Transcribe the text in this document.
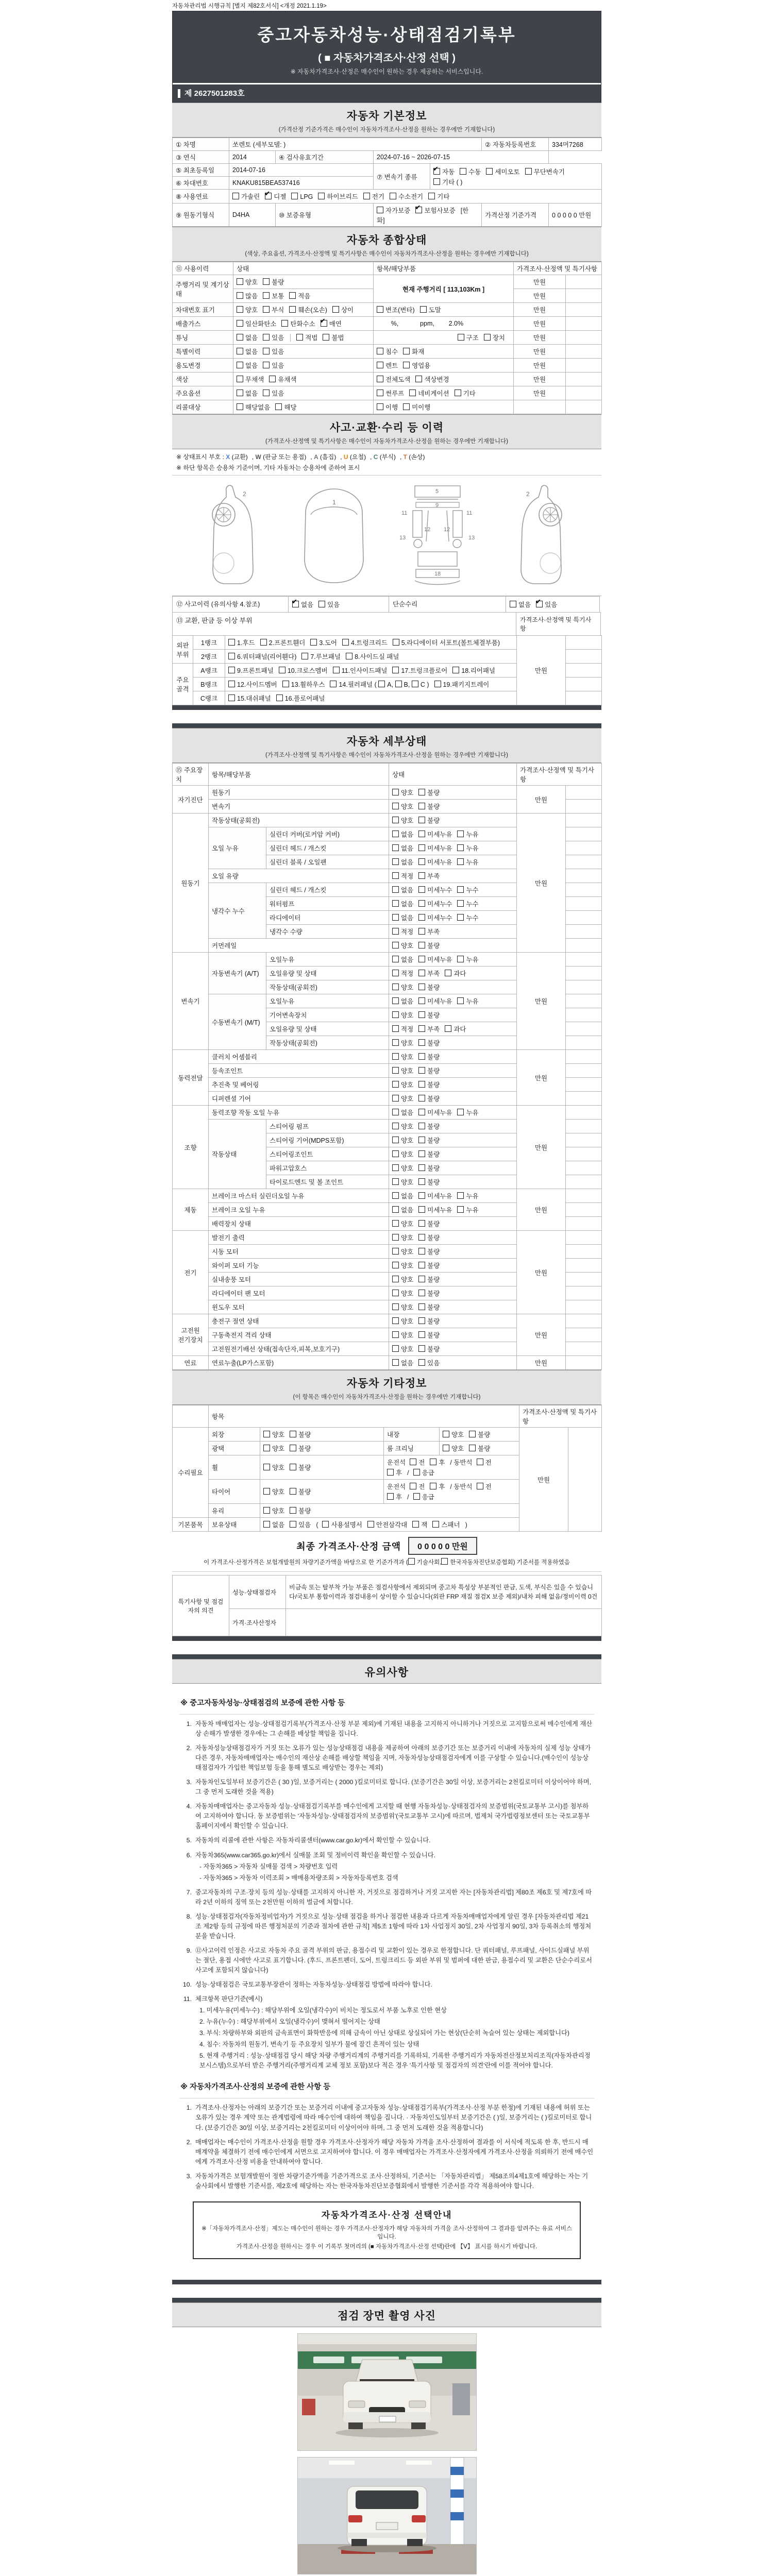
자동차관리법 시행규칙 [별지 제82호서식] <개정 2021.1.19>
중고자동차성능·상태점검기록부
( ■ 자동차가격조사·산정 선택 )
※ 자동차가격조사·산정은 매수인이 원하는 경우 제공하는 서비스입니다.
제 2627501283호
자동차 기본정보
(가격산정 기준가격은 매수인이 자동차가격조사·산정을 원하는 경우에만 기재합니다)
① 차명	쏘렌토 (세부모델: )				② 자동차등록번호	334머7268
③ 연식	2014	④ 검사유효기간	2024-07-16 ~ 2026-07-15			
⑤ 최초등록일	2014-07-16		⑦ 변속기 종류	✔자동 수동 세미오토 무단변속기기타 ( )
⑥ 차대번호	KNAKU815BEA537416					
⑧ 사용연료	가솔린 ✔ 디젤 LPG 하이브리드 전기 수소전기 기타
⑨ 원동기형식	D4HA	⑩ 보증유형	자가보증 ✔ 보험사보증 [한화]		가격산정 기준가격	0 0 0 0 0 만원
자동차 종합상태
(색상, 주요옵션, 가격조사·산정액 및 특기사항은 매수인이 자동차가격조사·산정을 원하는 경우에만 기재합니다)
⑪ 사용이력	상태	항목/해당부품	가격조사·산정액 및 특기사항	
주행거리 및 계기상태	양호 불량	현재 주행거리 [ 113,103Km ]	만원	
	많음 보통 적음		만원	
차대번호 표기	양호 부식 훼손(오손) 상이	변조(변타) 도말	만원	
배출가스	일산화탄소 탄화수소 ✔ 매연	%,            ppm,        2.0%	만원	
튜닝	없음 있음 적법 불법	구조 장치	만원	
특별이력	없음 있음	침수 화재	만원	
용도변경	없음 있음	렌트 영업용	만원	
색상	무채색 유채색	전체도색 색상변경	만원	
주요옵션	없음 있음	썬루프 네비게이션 기타	만원	
리콜대상	해당없음 해당	이행 미이행		
사고·교환·수리 등 이력
(가격조사·산정액 및 특기사항은 매수인이 자동차가격조사·산정을 원하는 경우에만 기재합니다)
※ 상태표시 부호 : X (교환) , W (판금 또는 용접) , A (흠집) , U (요철) , C (부식) , T (손상)
※ 하단 항목은 승용차 기준이며, 기타 자동차는 승용차에 준하여 표시
2
1
11	11
13	13
12 12
5
9
18
2
⑫ 사고이력 (유의사항 4.참조) ✔	없음 있음	단순수리	없음 ✔ 있음
⑬ 교환, 판금 등 이상 부위	가격조사·산정액 및 특기사항
외판
부위	1랭크	1.후드 2.프론트휀더 3.도어 4.트렁크리드 5.라디에이터 서포트(볼트체결부품)	만원	
	2랭크	6.쿼터패널(리어휀다) 7.루브패널 8.사이드실 패널		
주요
골격	A랭크	9.프론트패널 10.크로스멤버 11.인사이드패널 17.트렁크플로어 18.리어패널		
	B랭크	12.사이드멤버 13.휠하우스 14.필러패널 ( A, B, C ) 19.패키지트레이		
	C랭크	15.대쉬패널 16.플로어패널		
자동차 세부상태
(가격조사·산정액 및 특기사항은 매수인이 자동차가격조사·산정을 원하는 경우에만 기재합니다)
⑮ 주요장치	항목/해당부품		상태	가격조사·산정액 및 특기사항	
자기진단	원동기		양호 불량	만원	
	변속기		양호 불량		
원동기	작동상태(공회전)		양호 불량	만원	
	오일 누유	실린더 커버(로커암 커버)	없음 미세누유 누유		
		실린더 헤드 / 개스킷	없음 미세누유 누유		
		실린더 블록 / 오일팬	없음 미세누유 누유		
	오일 유량		적정 부족		
	냉각수 누수	실린더 헤드 / 개스킷	없음 미세누수 누수		
		워터펌프	없음 미세누수 누수		
		라디에이터	없음 미세누수 누수		
		냉각수 수량	적정 부족		
	커먼레일		양호 불량		
변속기	자동변속기 (A/T)	오일누유	없음 미세누유 누유	만원	
		오일유량 및 상태	적정 부족 과다		
		작동상태(공회전)	양호 불량		
	수동변속기 (M/T)	오일누유	없음 미세누유 누유		
		기어변속장치	양호 불량		
		오일유량 및 상태	적정 부족 과다		
		작동상태(공회전)	양호 불량		
동력전달	클러치 어셈블리		양호 불량	만원	
	등속조인트		양호 불량		
	추진축 및 베어링		양호 불량		
	디퍼렌셜 기어		양호 불량		
조향	동력조향 작동 오일 누유		없음 미세누유 누유	만원	
	작동상태	스티어링 펌프	양호 불량		
		스티어링 기어(MDPS포함)	양호 불량		
		스티어링조인트	양호 불량		
		파워고압호스	양호 불량		
		타이로드엔드 및 볼 조인트	양호 불량		
제동	브레이크 마스터 실린더오일 누유		없음 미세누유 누유	만원	
	브레이크 오일 누유		없음 미세누유 누유		
	배력장치 상태		양호 불량		
전기	발전기 출력		양호 불량	만원	
	시동 모터		양호 불량		
	와이퍼 모터 기능		양호 불량		
	실내송풍 모터		양호 불량		
	라디에이터 팬 모터		양호 불량		
	윈도우 모터		양호 불량		
고전원
전기장치	충전구 절연 상태		양호 불량	만원	
	구동축전지 격리 상태		양호 불량		
	고전원전기배선 상태(접속단자,피복,보호기구)		양호 불량		
연료	연료누출(LP가스포함)		없음 있음	만원	
자동차 기타정보
(이 항목은 매수인이 자동차가격조사·산정을 원하는 경우에만 기재합니다)
	항목				가격조사·산정액 및 특기사항	
수리필요	외장	양호 불량	내장	양호 불량	만원	
	광택	양호 불량	룸 크리닝	양호 불량		
	휠	양호 불량	운전석 전 후 / 동반석 전후 / 응급			
	타이어	양호 불량	운전석 전 후 / 동반석 전후 / 응급			
	유리	양호 불량				
기본품목	보유상태	없음 있음 ( 사용설명서 안전삼각대 잭 스패너 )				
최종 가격조사·산정 금액	0 0 0 0 0 만원
이 가격조사·산정가격은 보험개발원의 차량기준가액을 바탕으로 한 기준가격과 ( 기술사회, 한국자동차진단보증협회) 기준서를 적용하였음
특기사항 및 점검자의 의견	성능·상태점검자	비금속 또는 탈부착 가능 부품은 점검사항에서 제외되며 중고차 특성상 부분적인 판금, 도색, 부식은 있을 수 있습니다/국토부 통합이력과 점검내용이 상이할 수 있습니다(외판 FRP 재질 점검X 보증 제외)/내차 피해 없음/정비이력 0건
	가격·조사산정자	
유의사항
※ 중고자동차성능·상태점검의 보증에 관한 사항 등
1. 자동차 매매업자는 성능·상태점검기록부(가격조사·산정 부분 제외)에 기재된 내용을 고지하지 아니하거나 거짓으로 고지함으로써 매수인에게 재산상 손해가 발생한 경우에는 그 손해를 배상할 책임을 집니다.
2. 자동차성능상태점검자가 거짓 또는 오류가 있는 성능상태점검 내용을 제공하여 아래의 보증기간 또는 보증거리 이내에 자동차의 실제 성능 상태가 다른 경우, 자동차매매업자는 매수인의 재산상 손해를 배상할 책임을 지며, 자동차성능상태점검자에게 이를 구상할 수 있습니다.(매수인이 성능상태점검자가 가입한 책임보험 등을 통해 별도로 배상받는 경우는 제외)
3. 자동차인도일부터 보증기간은 ( 30 )일, 보증거리는 ( 2000 )킬로미터로 합니다. (보증기간은 30일 이상, 보증거리는 2천킬로미터 이상이어야 하며, 그 중 먼저 도래한 것을 적용)
4. 자동차매매업자는 중고자동차 성능·상태점검기록부를 매수인에게 고지할 때 현행 자동차성능·상태점검자의 보증범위(국토교통부 고시)를 첨부하여 고지하여야 합니다. 동 보증범위는 '자동차성능·상태점검자의 보증범위'(국토교통부 고시)에 따르며, 법제처 국가법령정보센터 또는 국토교통부 홈페이지에서 확인할 수 있습니다.
5. 자동차의 리콜에 관한 사항은 자동차리콜센터(www.car.go.kr)에서 확인할 수 있습니다.
6. 자동차365(www.car365.go.kr)에서 실매물 조회 및 정비이력 확인을 확인할 수 있습니다.
- 자동차365 > 자동차 실매물 검색 > 차량번호 입력
- 자동차365 > 자동차 이력조회 > 매매용차량조회 > 자동차등록번호 검색
7. 중고자동차의 구조·장치 등의 성능·상태를 고지하지 아니한 자, 거짓으로 점검하거나 거짓 고지한 자는 [자동차관리법] 제80조 제6호 및 제7호에 따라 2년 이하의 징역 또는 2천만원 이하의 벌금에 처합니다.
8. 성능·상태점검자(자동차정비업자)가 거짓으로 성능·상태 점검을 하거나 점검한 내용과 다르게 자동차매매업자에게 알린 경우 [자동차관리법 제21조 제2항 등의 규정에 따른 행정처분의 기준과 절차에 관한 규칙] 제5조 1항에 따라 1차 사업정지 30일, 2차 사업정지 90일, 3차 등록취소의 행정처분을 받습니다.
9. ⑫사고이력 인정은 사고로 자동차 주요 골격 부위의 판금, 용접수리 및 교환이 있는 경우로 한정합니다. 단 쿼터패널, 루프패널, 사이드실패널 부위는 절단, 용접 시에만 사고로 표기합니다. (후드, 프론트펜더, 도어, 트렁크리드 등 외판 부위 및 범퍼에 대한 판금, 용접수리 및 교환은 단순수리로서 사고에 포함되지 않습니다)
10. 성능·상태점검은 국토교통부장관이 정하는 자동차성능·상태점검 방법에 따라야 합니다.
11. 체크항목 판단기준(예시)
1. 미세누유(미세누수) : 해당부위에 오일(냉각수)이 비치는 정도로서 부품 노후로 인한 현상
2. 누유(누수) : 해당부위에서 오일(냉각수)이 맺혀서 떨어지는 상태
3. 부식: 차량하부와 외판의 금속표면이 화학반응에 의해 금속이 아닌 상태로 상실되어 가는 현상(단순히 녹슬어 있는 상태는 제외합니다)
4. 침수: 자동차의 원동기, 변속기 등 주요장치 일부가 물에 잠긴 흔적이 있는 상태
5. 현재 주행거리 : 성능·상태점검 당시 해당 차량 주행거리계의 주행거리를 기록하되, 기록한 주행거리가 자동차전산정보처리조직(자동차관리정보시스템)으로부터 받은 주행거리(주행거리계 교체 정보 포함)보다 적은 경우 '특기사항 및 점검자의 의견'란에 이를 적어야 합니다.
※ 자동차가격조사·산정의 보증에 관한 사항 등
1. 가격조사·산정자는 아래의 보증기간 또는 보증거리 이내에 중고자동차 성능·상태점검기록부(가격조사·산정 부분 한정)에 기재된 내용에 허위 또는 오류가 있는 경우 계약 또는 관계법령에 따라 매수인에 대하여 책임을 집니다. · 자동차인도일부터 보증기간은 ( )일, 보증거리는 ( )킬로미터로 합니다. (보증기간은 30일 이상, 보증거리는 2천킬로미터 이상이어야 하며, 그 중 먼저 도래한 것을 적용합니다)
2. 매매업자는 매수인이 가격조사·산정을 원할 경우 가격조사·산정자가 해당 자동차 가격을 조사·산정하여 결과를 이 서식에 적도록 한 후, 반드시 매매계약을 체결하기 전에 매수인에게 서면으로 고지하여야 합니다. 이 경우 매매업자는 가격조사·산정자에게 가격조사·산정을 의뢰하기 전에 매수인에게 가격조사·산정 비용을 안내하여야 합니다.
3. 자동차가격은 보험개발원이 정한 차량기준가액을 기준가격으로 조사·산정하되, 기준서는 「자동차관리법」 제58조의4제1호에 해당하는 자는 기술사회에서 발행한 기준서를, 제2호에 해당하는 자는 한국자동차진단보증협회에서 발행한 기준서를 각각 적용하여야 합니다.
자동차가격조사·산정 선택안내
※「자동차가격조사·산정」제도는 매수인이 원하는 경우 가격조사·산정자가 해당 자동차의 가격을 조사·산정하여 그 결과를 알려주는 유료 서비스입니다.
가격조사·산정을 원하시는 경우 이 기록부 첫머리의 (■ 자동차가격조사·산정 선택)란에 【Ⅴ】 표시를 하시기 바랍니다.
점검 장면 촬영 사진
